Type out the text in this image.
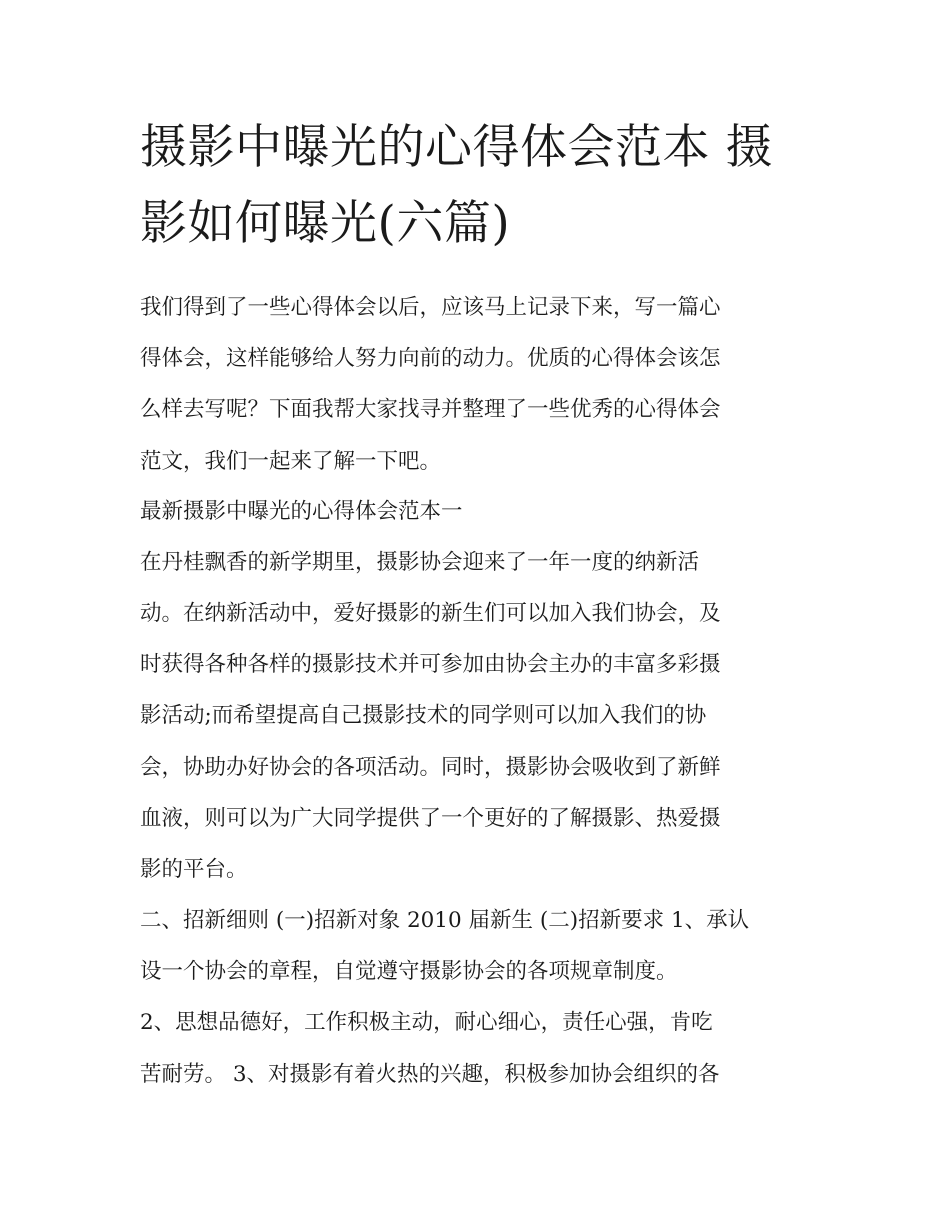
摄影中曝光的心得体会范本 摄
影如何曝光(六篇)
我们得到了一些心得体会以后，应该马上记录下来，写一篇心
得体会，这样能够给人努力向前的动力。优质的心得体会该怎
么样去写呢？下面我帮大家找寻并整理了一些优秀的心得体会
范文，我们一起来了解一下吧。
最新摄影中曝光的心得体会范本一
在丹桂飘香的新学期里，摄影协会迎来了一年一度的纳新活
动。在纳新活动中，爱好摄影的新生们可以加入我们协会，及
时获得各种各样的摄影技术并可参加由协会主办的丰富多彩摄
影活动;而希望提高自己摄影技术的同学则可以加入我们的协
会，协助办好协会的各项活动。同时，摄影协会吸收到了新鲜
血液，则可以为广大同学提供了一个更好的了解摄影、热爱摄
影的平台。
二、招新细则 (一)招新对象 2010 届新生 (二)招新要求 1、承认
设一个协会的章程，自觉遵守摄影协会的各项规章制度。
2、思想品德好，工作积极主动，耐心细心，责任心强，肯吃
苦耐劳。 3、对摄影有着火热的兴趣，积极参加协会组织的各
